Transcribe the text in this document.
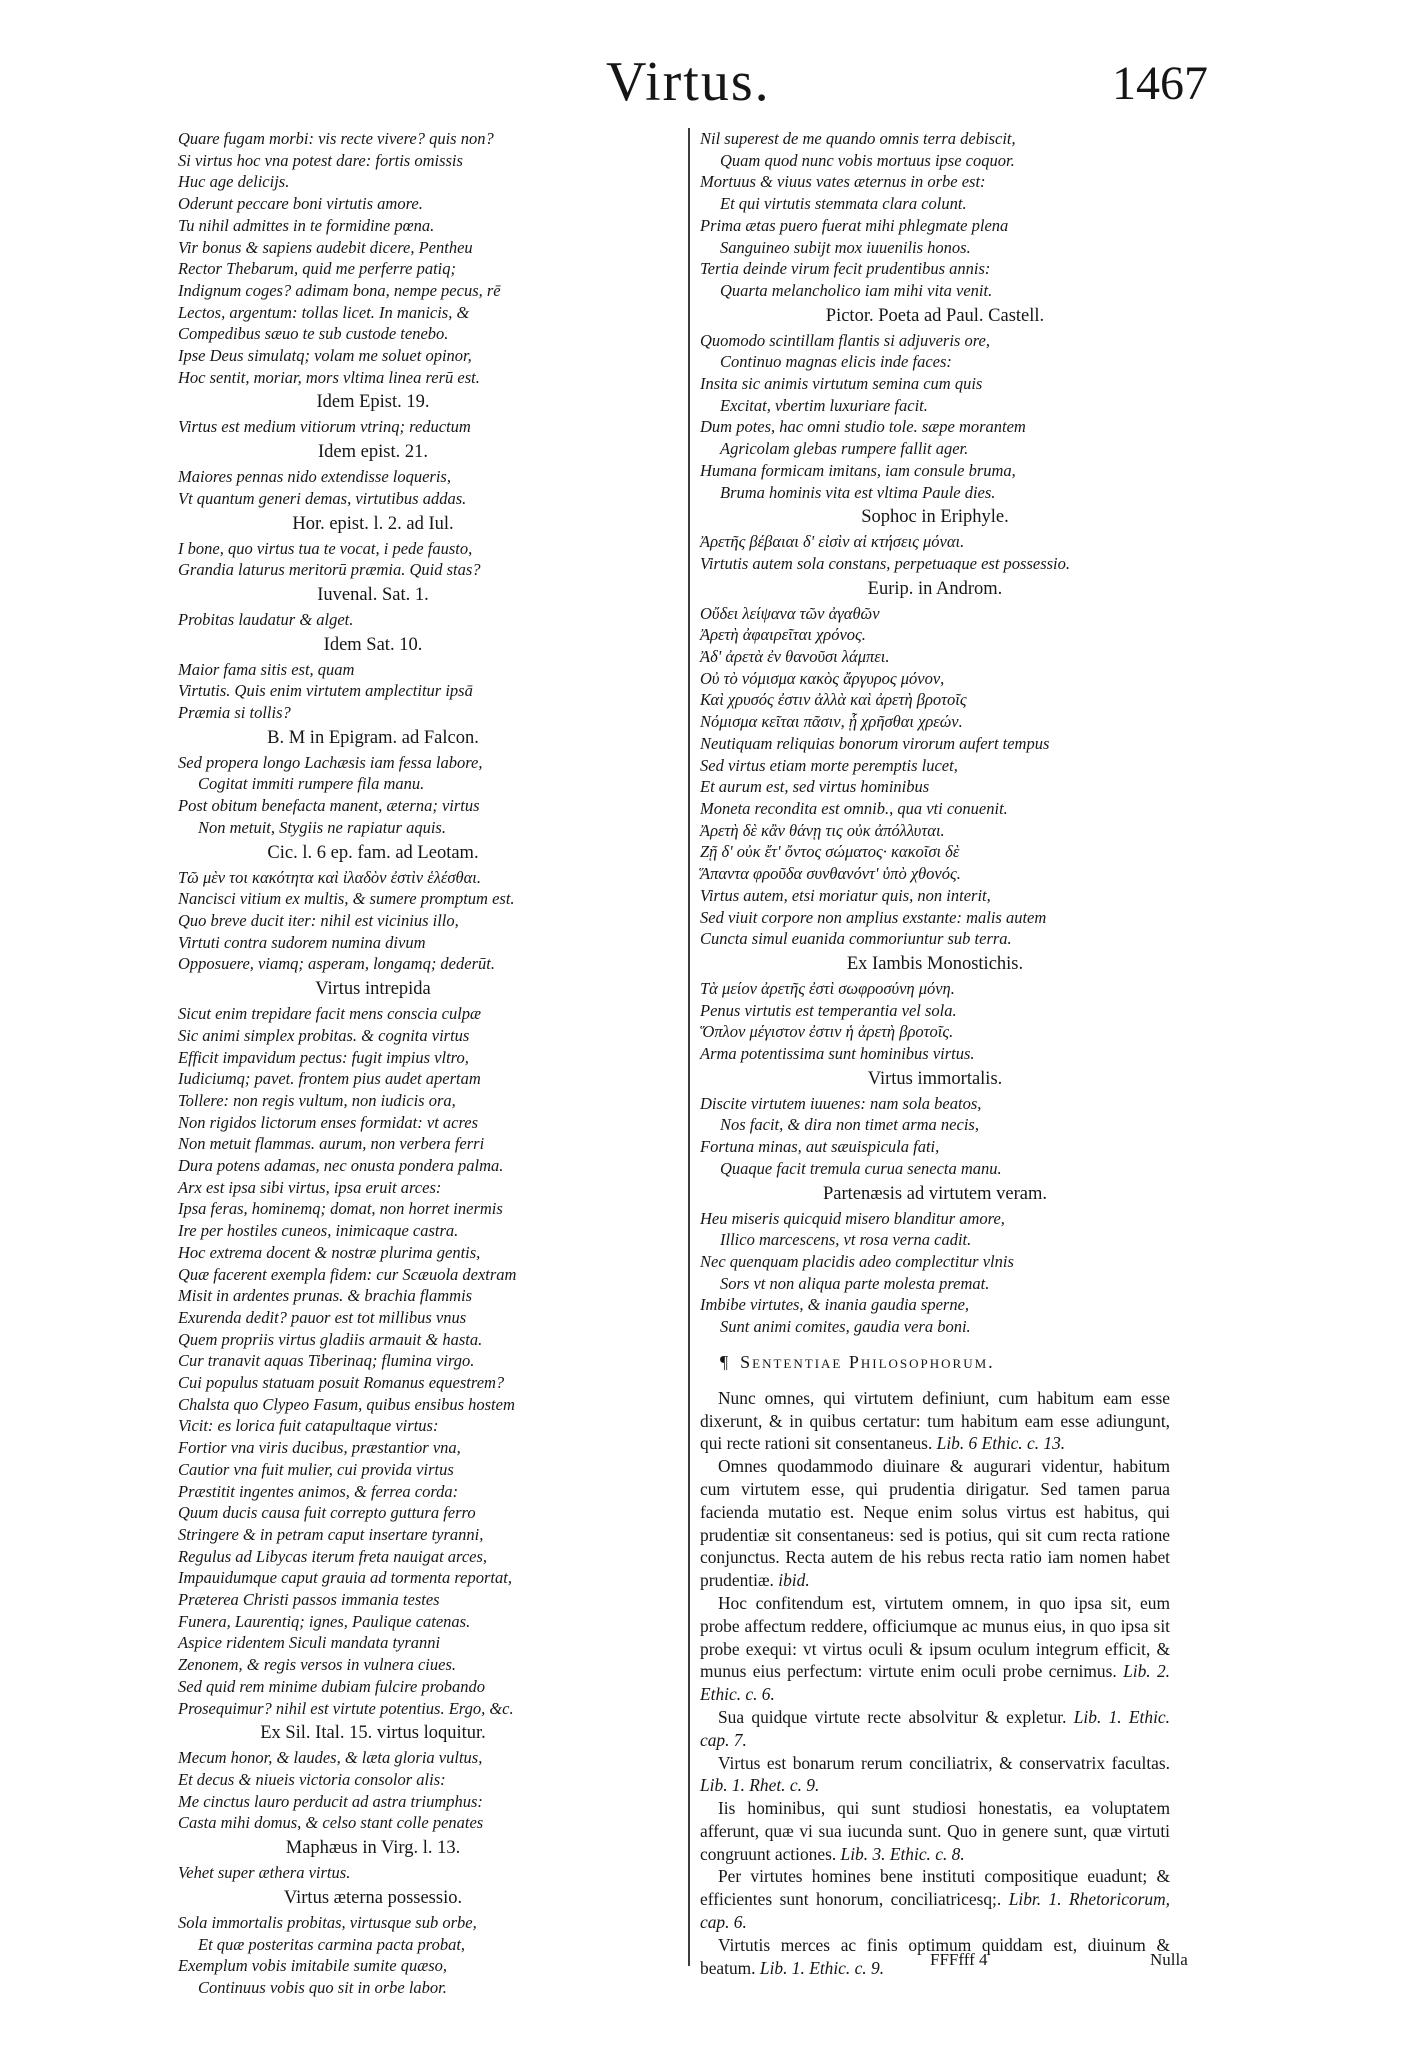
Virtus.	1467
Quare fugam morbi: vis recte vivere? quis non?
Si virtus hoc vna potest dare: fortis omissis
Huc age delicijs.
Oderunt peccare boni virtutis amore.
Tu nihil admittes in te formidine pœna.
Vir bonus & sapiens audebit dicere, Pentheu
Rector Thebarum, quid me perferre patiq;
Indignum coges? adimam bona, nempe pecus, rē
Lectos, argentum: tollas licet. In manicis, &
Compedibus sæuo te sub custode tenebo.
Ipse Deus simulatq; volam me soluet opinor,
Hoc sentit, moriar, mors vltima linea rerū est.
Idem Epist. 19.
Virtus est medium vitiorum vtrinq; reductum
Idem epist. 21.
Maiores pennas nido extendisse loqueris,
Vt quantum generi demas, virtutibus addas.
Hor. epist. l. 2. ad Iul.
I bone, quo virtus tua te vocat, i pede fausto,
Grandia laturus meritorū præmia. Quid stas?
Iuvenal. Sat. 1.
Probitas laudatur & alget.
Idem Sat. 10.
Maior fama sitis est, quam
Virtutis. Quis enim virtutem amplectitur ipsā
Præmia si tollis?
B. M in Epigram. ad Falcon.
Sed propera longo Lachæsis iam fessa labore,
Cogitat immiti rumpere fila manu.
Post obitum benefacta manent, æterna; virtus
Non metuit, Stygiis ne rapiatur aquis.
Cic. l. 6 ep. fam. ad Leotam.
Τῶ μὲν τοι κακότητα καὶ ἰλαδὸν ἐστὶν ἑλέσθαι.
Nancisci vitium ex multis, & sumere promptum est.
Quo breve ducit iter: nihil est vicinius illo,
Virtuti contra sudorem numina divum
Opposuere, viamq; asperam, longamq; dederūt.
Virtus intrepida
Sicut enim trepidare facit mens conscia culpæ
Sic animi simplex probitas. & cognita virtus
Efficit impavidum pectus: fugit impius vltro,
Iudiciumq; pavet. frontem pius audet apertam
Tollere: non regis vultum, non iudicis ora,
Non rigidos lictorum enses formidat: vt acres
Non metuit flammas. aurum, non verbera ferri
Dura potens adamas, nec onusta pondera palma.
Arx est ipsa sibi virtus, ipsa eruit arces:
Ipsa feras, hominemq; domat, non horret inermis
Ire per hostiles cuneos, inimicaque castra.
Hoc extrema docent & nostræ plurima gentis,
Quæ facerent exempla fidem: cur Scæuola dextram
Misit in ardentes prunas. & brachia flammis
Exurenda dedit? pauor est tot millibus vnus
Quem propriis virtus gladiis armauit & hasta.
Cur tranavit aquas Tiberinaq; flumina virgo.
Cui populus statuam posuit Romanus equestrem?
Chalsta quo Clypeo Fasum, quibus ensibus hostem
Vicit: es lorica fuit catapultaque virtus:
Fortior vna viris ducibus, præstantior vna,
Cautior vna fuit mulier, cui provida virtus
Præstitit ingentes animos, & ferrea corda:
Quum ducis causa fuit correpto guttura ferro
Stringere & in petram caput insertare tyranni,
Regulus ad Libycas iterum freta nauigat arces,
Impauidumque caput grauia ad tormenta reportat,
Præterea Christi passos immania testes
Funera, Laurentiq; ignes, Paulique catenas.
Aspice ridentem Siculi mandata tyranni
Zenonem, & regis versos in vulnera ciues.
Sed quid rem minime dubiam fulcire probando
Prosequimur? nihil est virtute potentius. Ergo, &c.
Ex Sil. Ital. 15. virtus loquitur.
Mecum honor, & laudes, & læta gloria vultus,
Et decus & niueis victoria consolor alis:
Me cinctus lauro perducit ad astra triumphus:
Casta mihi domus, & celso stant colle penates
Maphæus in Virg. l. 13.
Vehet super æthera virtus.
Virtus æterna possessio.
Sola immortalis probitas, virtusque sub orbe,
Et quæ posteritas carmina pacta probat,
Exemplum vobis imitabile sumite quæso,
Continuus vobis quo sit in orbe labor.
Nil superest de me quando omnis terra debiscit,
Quam quod nunc vobis mortuus ipse coquor.
Mortuus & viuus vates æternus in orbe est:
Et qui virtutis stemmata clara colunt.
Prima ætas puero fuerat mihi phlegmate plena
Sanguineo subijt mox iuuenilis honos.
Tertia deinde virum fecit prudentibus annis:
Quarta melancholico iam mihi vita venit.
Pictor. Poeta ad Paul. Castell.
Quomodo scintillam flantis si adjuveris ore,
Continuo magnas elicis inde faces:
Insita sic animis virtutum semina cum quis
Excitat, vbertim luxuriare facit.
Dum potes, hac omni studio tole. sæpe morantem
Agricolam glebas rumpere fallit ager.
Humana formicam imitans, iam consule bruma,
Bruma hominis vita est vltima Paule dies.
Sophoc in Eriphyle.
Ἀρετῆς βέβαιαι δ' εἰσὶν αἱ κτήσεις μόναι.
Virtutis autem sola constans, perpetuaque est possessio.
Eurip. in Androm.
Οὔδει λείψανα τῶν ἀγαθῶν
Ἀρετὴ ἀφαιρεῖται χρόνος.
Ἀδ' ἀρετὰ ἐν θανοῦσι λάμπει.
Οὐ τὸ νόμισμα κακὸς ἄργυρος μόνον,
Καὶ χρυσός ἐστιν ἀλλὰ καὶ ἀρετὴ βροτοῖς
Νόμισμα κεῖται πᾶσιν, ᾗ χρῆσθαι χρεών.
Neutiquam reliquias bonorum virorum aufert tempus
Sed virtus etiam morte peremptis lucet,
Et aurum est, sed virtus hominibus
Moneta recondita est omnib., qua vti conuenit.
Ἀρετὴ δὲ κἂν θάνῃ τις οὐκ ἀπόλλυται.
Ζῇ δ' οὐκ ἔτ' ὄντος σώματος· κακοῖσι δὲ
Ἅπαντα φροῦδα συνθανόντ' ὑπὸ χθονός.
Virtus autem, etsi moriatur quis, non interit,
Sed viuit corpore non amplius exstante: malis autem
Cuncta simul euanida commoriuntur sub terra.
Ex Iambis Monostichis.
Τὰ μείον ἀρετῆς ἐστὶ σωφροσύνη μόνη.
Penus virtutis est temperantia vel sola.
Ὅπλον μέγιστον ἐστιν ἡ ἀρετὴ βροτοῖς.
Arma potentissima sunt hominibus virtus.
Virtus immortalis.
Discite virtutem iuuenes: nam sola beatos,
Nos facit, & dira non timet arma necis,
Fortuna minas, aut sæuispicula fati,
Quaque facit tremula curua senecta manu.
Partenæsis ad virtutem veram.
Heu miseris quicquid misero blanditur amore,
Illico marcescens, vt rosa verna cadit.
Nec quenquam placidis adeo complectitur vlnis
Sors vt non aliqua parte molesta premat.
Imbibe virtutes, & inania gaudia sperne,
Sunt animi comites, gaudia vera boni.
¶ Sententiae Philosophorum.

Nunc omnes, qui virtutem definiunt, cum habitum eam esse dixerunt, & in quibus certatur: tum habitum eam esse adiungunt, qui recte rationi sit consentaneus. Lib. 6 Ethic. c. 13.

Omnes quodammodo diuinare & augurari videntur, habitum cum virtutem esse, qui prudentia dirigatur. Sed tamen parua facienda mutatio est. Neque enim solus virtus est habitus, qui prudentiæ sit consentaneus: sed is potius, qui sit cum recta ratione conjunctus. Recta autem de his rebus recta ratio iam nomen habet prudentiæ. ibid.

Hoc confitendum est, virtutem omnem, in quo ipsa sit, eum probe affectum reddere, officiumque ac munus eius, in quo ipsa sit probe exequi: vt virtus oculi & ipsum oculum integrum efficit, & munus eius perfectum: virtute enim oculi probe cernimus. Lib. 2. Ethic. c. 6.

Sua quidque virtute recte absolvitur & expletur. Lib. 1. Ethic. cap. 7.

Virtus est bonarum rerum conciliatrix, & conservatrix facultas. Lib. 1. Rhet. c. 9.

Iis hominibus, qui sunt studiosi honestatis, ea voluptatem afferunt, quæ vi sua iucunda sunt. Quo in genere sunt, quæ virtuti congruunt actiones. Lib. 3. Ethic. c. 8.

Per virtutes homines bene instituti compositique euadunt; & efficientes sunt honorum, conciliatricesq;. Libr. 1. Rhetoricorum, cap. 6.

Virtutis merces ac finis optimum quiddam est, diuinum & beatum. Lib. 1. Ethic. c. 9.	FFFfff 4	Nulla
